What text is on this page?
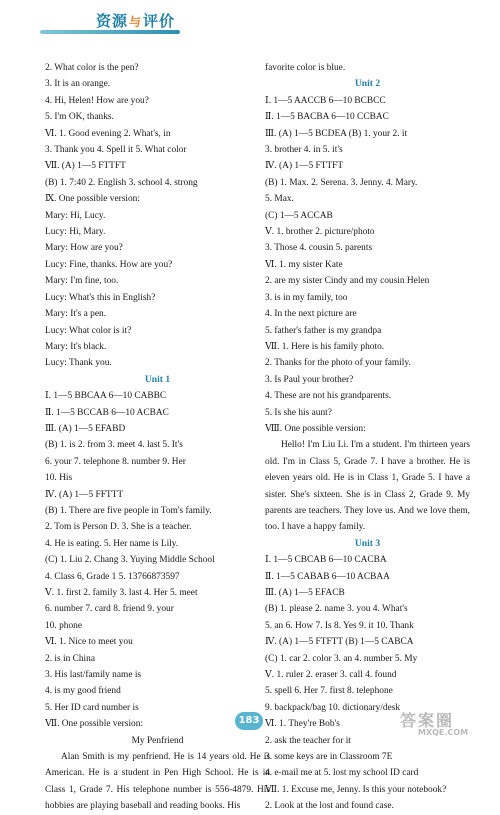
资源与评价
2. What color is the pen?
3. It is an orange.
4. Hi, Helen! How are you?
5. I'm OK, thanks.
Ⅵ. 1. Good evening 2. What's, in
3. Thank you 4. Spell it 5. What color
Ⅶ. (A) 1—5 FTTFT
(B) 1. 7:40 2. English 3. school 4. strong
Ⅸ. One possible version:
Mary: Hi, Lucy.
Lucy: Hi, Mary.
Mary: How are you?
Lucy: Fine, thanks. How are you?
Mary: I'm fine, too.
Lucy: What's this in English?
Mary: It's a pen.
Lucy: What color is it?
Mary: It's black.
Lucy: Thank you.
Unit 1
Ⅰ. 1—5 BBCAA 6—10 CABBC
Ⅱ. 1—5 BCCAB 6—10 ACBAC
Ⅲ. (A) 1—5 EFABD
(B) 1. is 2. from 3. meet 4. last 5. It's
6. your 7. telephone 8. number 9. Her
10. His
Ⅳ. (A) 1—5 FFTTT
(B) 1. There are five people in Tom's family.
2. Tom is Person D. 3. She is a teacher.
4. He is eating. 5. Her name is Lily.
(C) 1. Liu 2. Chang 3. Yuying Middle School
4. Class 6, Grade 1 5. 13766873597
Ⅴ. 1. first 2. family 3. last 4. Her 5. meet
6. number 7. card 8. friend 9. your
10. phone
Ⅵ. 1. Nice to meet you
2. is in China
3. His last/family name is
4. is my good friend
5. Her ID card number is
Ⅶ. One possible version:
My Penfriend
Alan Smith is my penfriend. He is 14 years old. He is American. He is a student in Pen High School. He is in Class 1, Grade 7. His telephone number is 556-4879. His hobbies are playing baseball and reading books. His
favorite color is blue.
Unit 2
Ⅰ. 1—5 AACCB 6—10 BCBCC
Ⅱ. 1—5 BACBA 6—10 CCBAC
Ⅲ. (A) 1—5 BCDEA (B) 1. your 2. it
3. brother 4. in 5. it's
Ⅳ. (A) 1—5 FTTFT
(B) 1. Max. 2. Serena. 3. Jenny. 4. Mary.
5. Max.
(C) 1—5 ACCAB
Ⅴ. 1. brother 2. picture/photo
3. Those 4. cousin 5. parents
Ⅵ. 1. my sister Kate
2. are my sister Cindy and my cousin Helen
3. is in my family, too
4. In the next picture are
5. father's father is my grandpa
Ⅶ. 1. Here is his family photo.
2. Thanks for the photo of your family.
3. Is Paul your brother?
4. These are not his grandparents.
5. Is she his aunt?
Ⅷ. One possible version:
Hello! I'm Liu Li. I'm a student. I'm thirteen years old. I'm in Class 5, Grade 7. I have a brother. He is eleven years old. He is in Class 1, Grade 5. I have a sister. She's sixteen. She is in Class 2, Grade 9. My parents are teachers. They love us. And we love them, too. I have a happy family.
Unit 3
Ⅰ. 1—5 CBCAB 6—10 CACBA
Ⅱ. 1—5 CABAB 6—10 ACBAA
Ⅲ. (A) 1—5 EFACB
(B) 1. please 2. name 3. you 4. What's
5. an 6. How 7. Is 8. Yes 9. it 10. Thank
Ⅳ. (A) 1—5 FTFTT (B) 1—5 CABCA
(C) 1. car 2. color 3. an 4. number 5. My
Ⅴ. 1. ruler 2. eraser 3. call 4. found
5. spell 6. Her 7. first 8. telephone
9. backpack/bag 10. dictionary/desk
Ⅵ. 1. They're Bob's
2. ask the teacher for it
3. some keys are in Classroom 7E
4. e-mail me at 5. lost my school ID card
Ⅶ. 1. Excuse me, Jenny. Is this your notebook?
2. Look at the lost and found case.
183	答案圈
MXQE.COM
